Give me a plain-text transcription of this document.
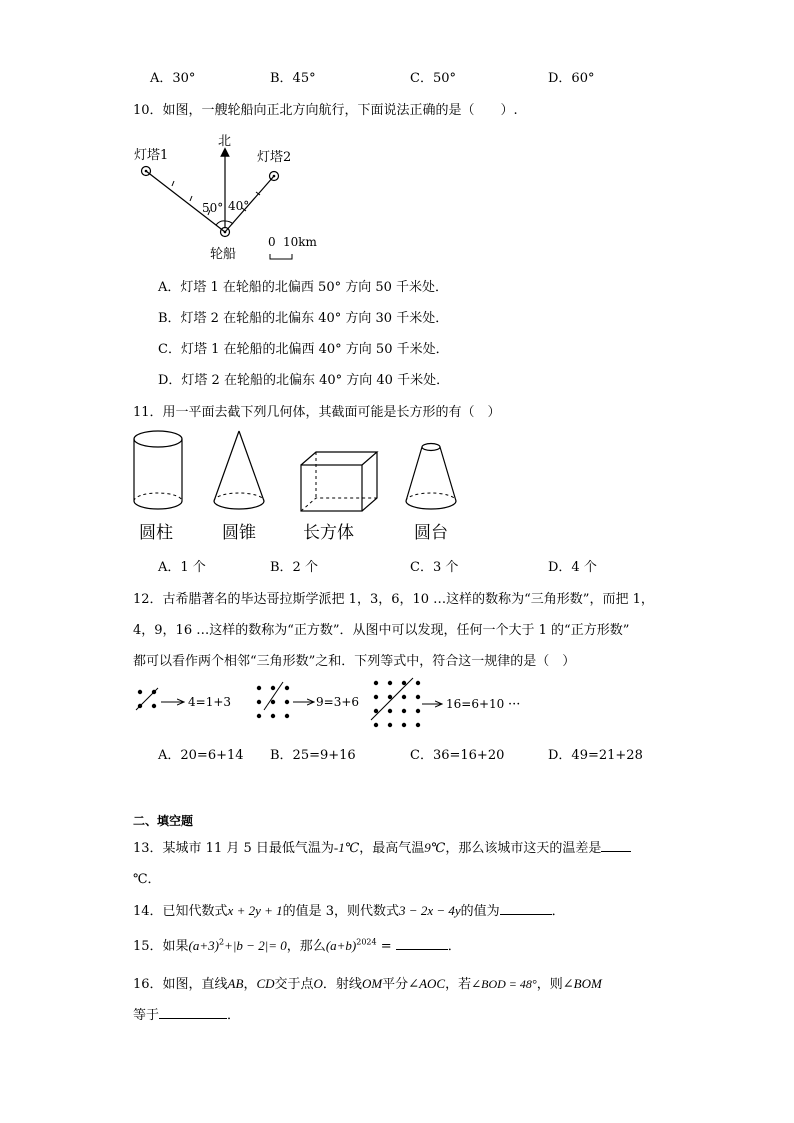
A．30°	B．45°	C．50°	D．60°
10．如图，一艘轮船向正北方向航行，下面说法正确的是（　　）.
北
灯塔1	灯塔2
50° 40°
轮船
0 10km
A．灯塔 1 在轮船的北偏西 50° 方向 50 千米处．
B．灯塔 2 在轮船的北偏东 40° 方向 30 千米处．
C．灯塔 1 在轮船的北偏西 40° 方向 50 千米处．
D．灯塔 2 在轮船的北偏东 40° 方向 40 千米处．
11．用一平面去截下列几何体，其截面可能是长方形的有（　）
圆柱	圆锥	长方体	圆台
A．1 个	B．2 个	C．3 个	D．4 个
12．古希腊著名的毕达哥拉斯学派把 1，3，6，10 …这样的数称为“三角形数”，而把 1，
4，9，16 …这样的数称为“正方数”．从图中可以发现，任何一个大于 1 的“正方形数”
都可以看作两个相邻“三角形数”之和．下列等式中，符合这一规律的是（　）
4=1+3	9=3+6	16=6+10 ···
A．20=6+14 B．25=9+16	C．36=16+20	D．49=21+28
二、填空题
13．某城市 11 月 5 日最低气温为-1℃，最高气温9℃，那么该城市这天的温差是
℃．
14．已知代数式x + 2y + 1的值是 3，则代数式3 − 2x − 4y的值为	．
15．如果$(a+3)^2+|b - 2|= 0$，那么$(a+b)^{2024}$ =	．
16．如图，直线AB，CD交于点O．射线OM平分∠AOC，若∠BOD = 48°，则∠BOM
等于	．
